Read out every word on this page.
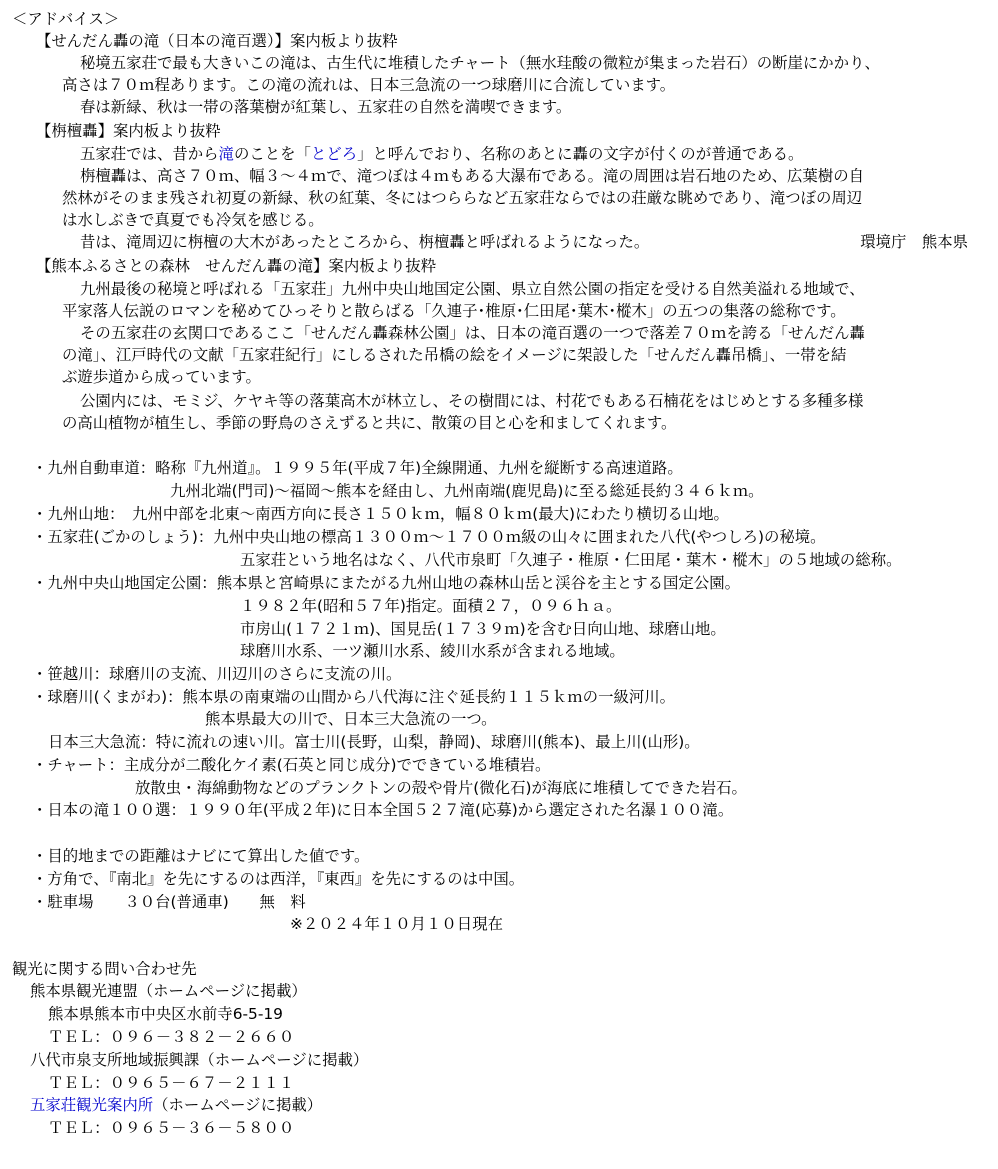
＜アドバイス＞
【せんだん轟の滝（日本の滝百選）】案内板より抜粋
秘境五家荘で最も大きいこの滝は、古生代に堆積したチャート（無水珪酸の微粒が集まった岩石）の断崖にかかり、
高さは７０ｍ程あります。この滝の流れは、日本三急流の一つ球磨川に合流しています。
春は新緑、秋は一帯の落葉樹が紅葉し、五家荘の自然を満喫できます。
【栴檀轟】案内板より抜粋
五家荘では、昔から滝のことを「とどろ」と呼んでおり、名称のあとに轟の文字が付くのが普通である。
栴檀轟は、高さ７０ｍ、幅３～４ｍで、滝つぼは４ｍもある大瀑布である。滝の周囲は岩石地のため、広葉樹の自
然林がそのまま残され初夏の新緑、秋の紅葉、冬にはつららなど五家荘ならではの荘厳な眺めであり、滝つぼの周辺
は水しぶきで真夏でも冷気を感じる。
昔は、滝周辺に栴檀の大木があったところから、栴檀轟と呼ばれるようになった。	環境庁　熊本県
【熊本ふるさとの森林　せんだん轟の滝】案内板より抜粋
九州最後の秘境と呼ばれる「五家荘」九州中央山地国定公園、県立自然公園の指定を受ける自然美溢れる地域で、
平家落人伝説のロマンを秘めてひっそりと散らばる「久連子･椎原･仁田尾･葉木･樅木」の五つの集落の総称です。
その五家荘の玄関口であるここ「せんだん轟森林公園」は、日本の滝百選の一つで落差７０ｍを誇る「せんだん轟
の滝」、江戸時代の文献「五家荘紀行」にしるされた吊橋の絵をイメージに架設した「せんだん轟吊橋」、一帯を結
ぶ遊歩道から成っています。
公園内には、モミジ、ケヤキ等の落葉高木が林立し、その樹間には、村花でもある石楠花をはじめとする多種多様
の高山植物が植生し、季節の野鳥のさえずると共に、散策の目と心を和ましてくれます。
・九州自動車道：略称『九州道』。１９９５年(平成７年)全線開通、九州を縦断する高速道路。
九州北端(門司)～福岡～熊本を経由し、九州南端(鹿児島)に至る総延長約３４６ｋｍ。
・九州山地：　九州中部を北東～南西方向に長さ１５０ｋｍ，幅８０ｋｍ(最大)にわたり横切る山地。
・五家荘(ごかのしょう)：九州中央山地の標高１３００ｍ～１７００ｍ級の山々に囲まれた八代(やつしろ)の秘境。
五家荘という地名はなく、八代市泉町「久連子・椎原・仁田尾・葉木・樅木」の５地域の総称。
・九州中央山地国定公園：熊本県と宮崎県にまたがる九州山地の森林山岳と渓谷を主とする国定公園。
１９８２年(昭和５７年)指定。面積２７，０９６ｈａ。
市房山(１７２１ｍ)、国見岳(１７３９ｍ)を含む日向山地、球磨山地。
球磨川水系、一ツ瀬川水系、綾川水系が含まれる地域。
・笹越川：球磨川の支流、川辺川のさらに支流の川。
・球磨川(くまがわ)：熊本県の南東端の山間から八代海に注ぐ延長約１１５ｋｍの一級河川。
熊本県最大の川で、日本三大急流の一つ。
日本三大急流：特に流れの速い川。富士川(長野，山梨，静岡)、球磨川(熊本)、最上川(山形)。
・チャート：主成分が二酸化ケイ素(石英と同じ成分)でできている堆積岩。
放散虫・海綿動物などのプランクトンの殻や骨片(微化石)が海底に堆積してできた岩石。
・日本の滝１００選：１９９０年(平成２年)に日本全国５２７滝(応募)から選定された名瀑１００滝。
・目的地までの距離はナビにて算出した値です。
・方角で、『南北』を先にするのは西洋，『東西』を先にするのは中国。
・駐車場　　３０台(普通車)　　無　料
※２０２４年１０月１０日現在
観光に関する問い合わせ先
熊本県観光連盟（ホームページに掲載）
熊本県熊本市中央区水前寺6-5-19
ＴＥＬ：０９６－３８２－２６６０
八代市泉支所地域振興課（ホームページに掲載）
ＴＥＬ：０９６５－６７－２１１１
五家荘観光案内所（ホームページに掲載）
ＴＥＬ：０９６５－３６－５８００
